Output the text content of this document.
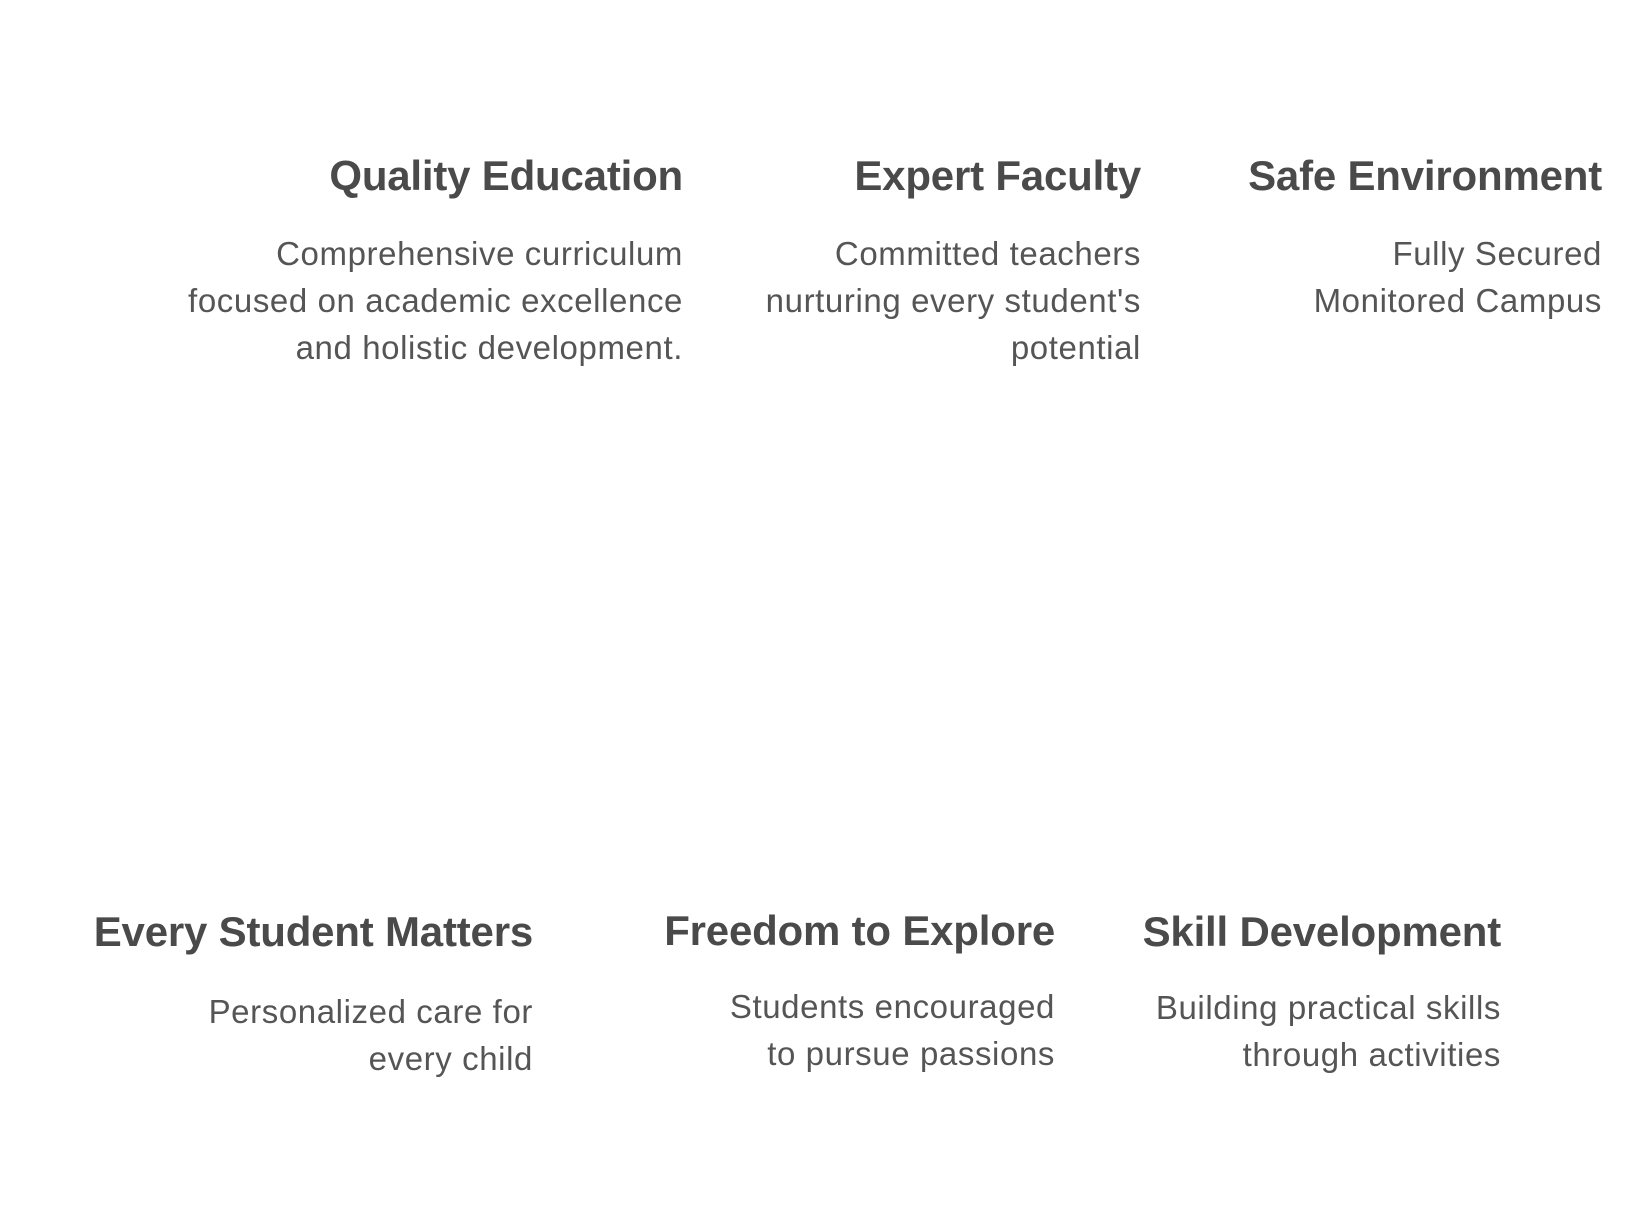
Quality Education

Comprehensive curriculum
focused on academic excellence
and holistic development.

Expert Faculty

Committed teachers
nurturing every student's
potential

Safe Environment

Fully Secured
Monitored Campus

Every Student Matters

Personalized care for
every child

Freedom to Explore

Students encouraged
to pursue passions

Skill Development

Building practical skills
through activities
